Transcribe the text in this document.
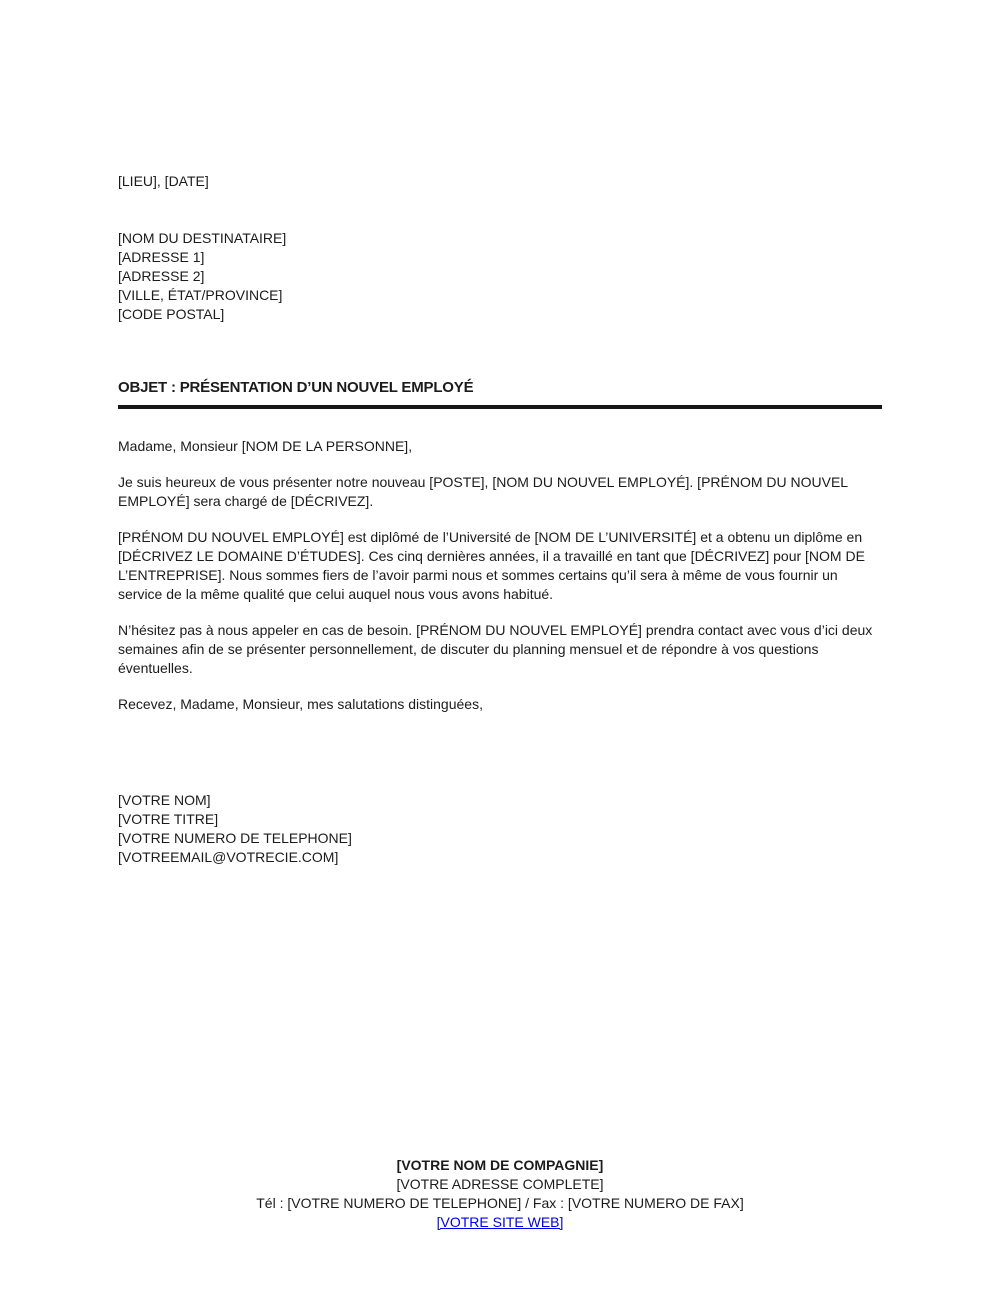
[LIEU], [DATE]
[NOM DU DESTINATAIRE]
[ADRESSE 1]
[ADRESSE 2]
[VILLE, ÉTAT/PROVINCE]
[CODE POSTAL]
OBJET : PRÉSENTATION D’UN NOUVEL EMPLOYÉ
Madame, Monsieur [NOM DE LA PERSONNE],

Je suis heureux de vous présenter notre nouveau [POSTE], [NOM DU NOUVEL EMPLOYÉ]. [PRÉNOM DU NOUVEL EMPLOYÉ] sera chargé de [DÉCRIVEZ].

[PRÉNOM DU NOUVEL EMPLOYÉ] est diplômé de l’Université de [NOM DE L’UNIVERSITÉ] et a obtenu un diplôme en [DÉCRIVEZ LE DOMAINE D’ÉTUDES]. Ces cinq dernières années, il a travaillé en tant que [DÉCRIVEZ] pour [NOM DE L’ENTREPRISE]. Nous sommes fiers de l’avoir parmi nous et sommes certains qu’il sera à même de vous fournir un service de la même qualité que celui auquel nous vous avons habitué.

N’hésitez pas à nous appeler en cas de besoin. [PRÉNOM DU NOUVEL EMPLOYÉ] prendra contact avec vous d’ici deux semaines afin de se présenter personnellement, de discuter du planning mensuel et de répondre à vos questions éventuelles.

Recevez, Madame, Monsieur, mes salutations distinguées,
[VOTRE NOM]
[VOTRE TITRE]
[VOTRE NUMERO DE TELEPHONE]
[VOTREEMAIL@VOTRECIE.COM]
[VOTRE NOM DE COMPAGNIE]
[VOTRE ADRESSE COMPLETE]
Tél : [VOTRE NUMERO DE TELEPHONE] / Fax : [VOTRE NUMERO DE FAX]
[VOTRE SITE WEB]
